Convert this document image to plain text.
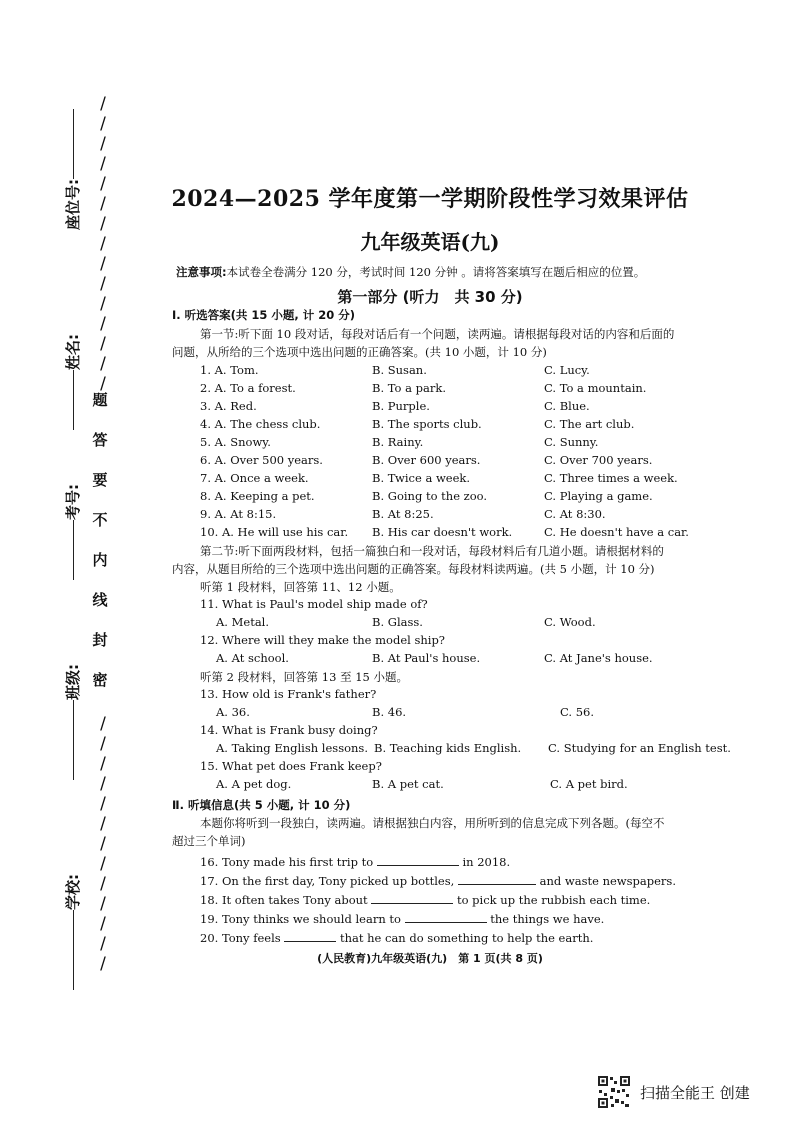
座位号:
姓名:
考号:
班级:
学校:
/
/
/
/
/
/
/
/
/
/
/
/
/
/
/

/
/
/
/
/
/
/
/
/
/
/
/
/

题
答
要
不
内
线
封
密
2024—2025 学年度第一学期阶段性学习效果评估
九年级英语(九)
注意事项:本试卷全卷满分 120 分，考试时间 120 分钟 。请将答案填写在题后相应的位置。
第一部分 (听力　共 30 分)
Ⅰ. 听选答案(共 15 小题, 计 20 分)
第一节:听下面 10 段对话，每段对话后有一个问题，读两遍。请根据每段对话的内容和后面的
问题，从所给的三个选项中选出问题的正确答案。(共 10 小题，计 10 分)
1. A. Tom.	B. Susan.	C. Lucy.
2. A. To a forest.	B. To a park.	C. To a mountain.
3. A. Red.	B. Purple.	C. Blue.
4. A. The chess club.	B. The sports club.	C. The art club.
5. A. Snowy.	B. Rainy.	C. Sunny.
6. A. Over 500 years.	B. Over 600 years.	C. Over 700 years.
7. A. Once a week.	B. Twice a week.	C. Three times a week.
8. A. Keeping a pet.	B. Going to the zoo.	C. Playing a game.
9. A. At 8:15.	B. At 8:25.	C. At 8:30.
10. A. He will use his car. B. His car doesn't work.	C. He doesn't have a car.
第二节:听下面两段材料，包括一篇独白和一段对话，每段材料后有几道小题。请根据材料的
内容，从题目所给的三个选项中选出问题的正确答案。每段材料读两遍。(共 5 小题，计 10 分)
听第 1 段材料，回答第 11、12 小题。
11. What is Paul's model ship made of?
A. Metal.	B. Glass.	C. Wood.
12. Where will they make the model ship?
A. At school.	B. At Paul's house.	C. At Jane's house.
听第 2 段材料，回答第 13 至 15 小题。
13. How old is Frank's father?
A. 36.	B. 46.	C. 56.
14. What is Frank busy doing?
A. Taking English lessons. B. Teaching kids English. C. Studying for an English test.
15. What pet does Frank keep?
A. A pet dog.	B. A pet cat.	C. A pet bird.
Ⅱ. 听填信息(共 5 小题, 计 10 分)
本题你将听到一段独白，读两遍。请根据独白内容，用所听到的信息完成下列各题。(每空不
超过三个单词)
16. Tony made his first trip to	in 2018.
17. On the first day, Tony picked up bottles,	and waste newspapers.
18. It often takes Tony about	to pick up the rubbish each time.
19. Tony thinks we should learn to	the things we have.
20. Tony feels	that he can do something to help the earth.
(人民教育)九年级英语(九)　第 1 页(共 8 页)
扫描全能王 创建
